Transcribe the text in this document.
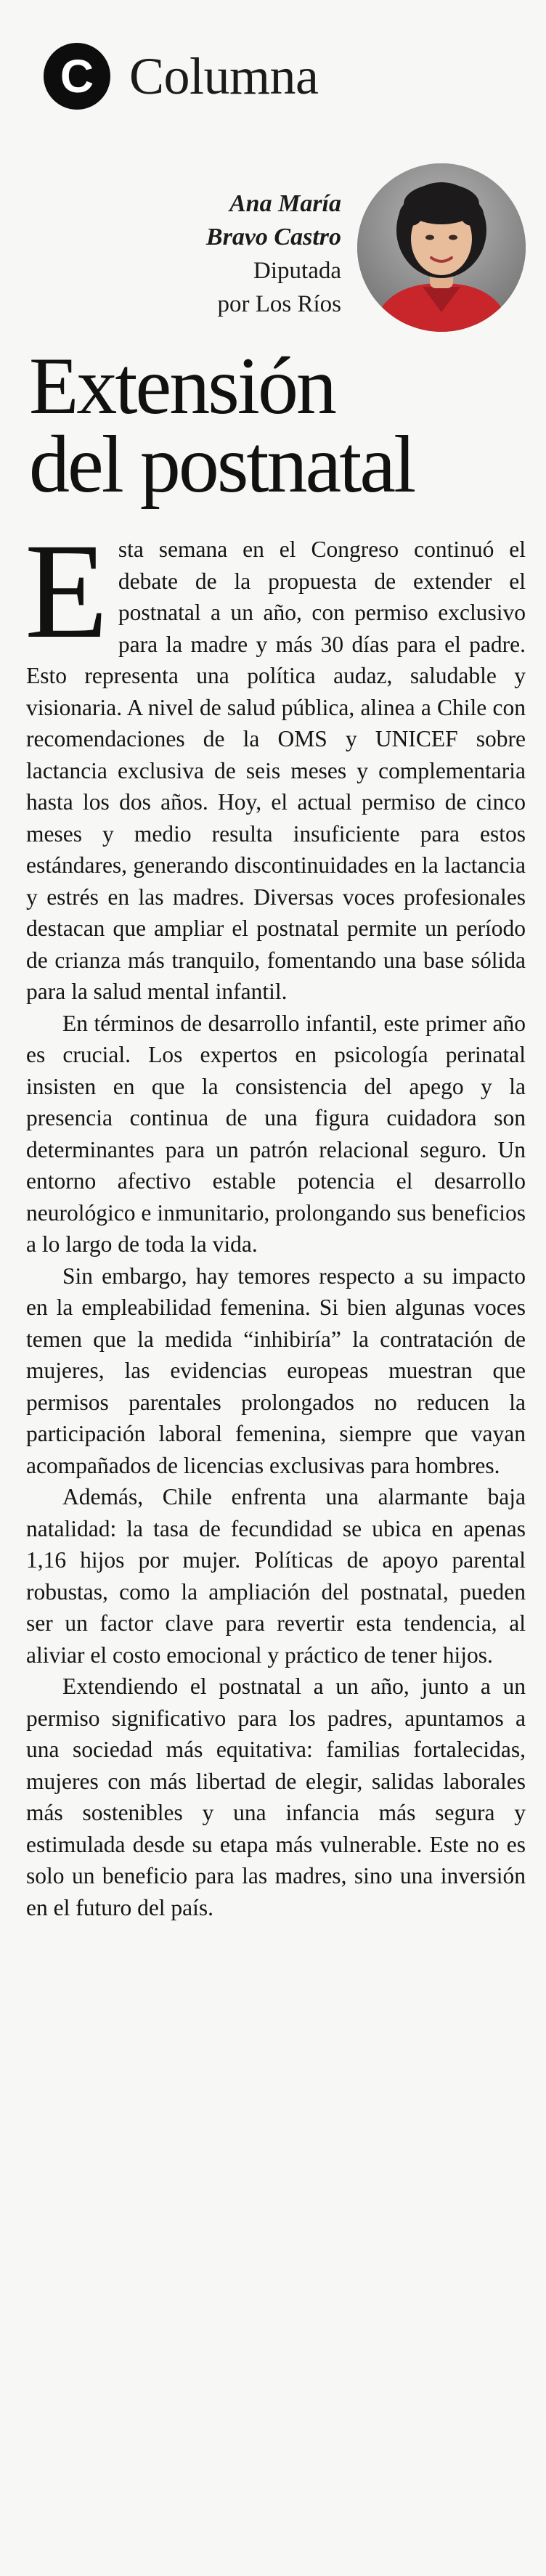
C Columna
Ana María
Bravo Castro
Diputada
por Los Ríos
Extensión
del postnatal

Esta semana en el Congreso continuó el debate de la propuesta de extender el postnatal a un año, con permiso exclusivo para la madre y más 30 días para el padre. Esto representa una política audaz, saludable y visionaria. A nivel de salud pública, alinea a Chile con recomendaciones de la OMS y UNICEF sobre lactancia exclusiva de seis meses y complementaria hasta los dos años. Hoy, el actual permiso de cinco meses y medio resulta insuficiente para estos estándares, generando discontinuidades en la lactancia y estrés en las madres. Diversas voces profesionales destacan que ampliar el postnatal permite un período de crianza más tranquilo, fomentando una base sólida para la salud mental infantil.

En términos de desarrollo infantil, este primer año es crucial. Los expertos en psicología perinatal insisten en que la consistencia del apego y la presencia continua de una figura cuidadora son determinantes para un patrón relacional seguro. Un entorno afectivo estable potencia el desarrollo neurológico e inmunitario, prolongando sus beneficios a lo largo de toda la vida.

Sin embargo, hay temores respecto a su impacto en la empleabilidad femenina. Si bien algunas voces temen que la medida “inhibiría” la contratación de mujeres, las evidencias europeas muestran que permisos parentales prolongados no reducen la participación laboral femenina, siempre que vayan acompañados de licencias exclusivas para hombres.

Además, Chile enfrenta una alarmante baja natalidad: la tasa de fecundidad se ubica en apenas 1,16 hijos por mujer. Políticas de apoyo parental robustas, como la ampliación del postnatal, pueden ser un factor clave para revertir esta tendencia, al aliviar el costo emocional y práctico de tener hijos.

Extendiendo el postnatal a un año, junto a un permiso significativo para los padres, apuntamos a una sociedad más equitativa: familias fortalecidas, mujeres con más libertad de elegir, salidas laborales más sostenibles y una infancia más segura y estimulada desde su etapa más vulnerable. Este no es solo un beneficio para las madres, sino una inversión en el futuro del país.
